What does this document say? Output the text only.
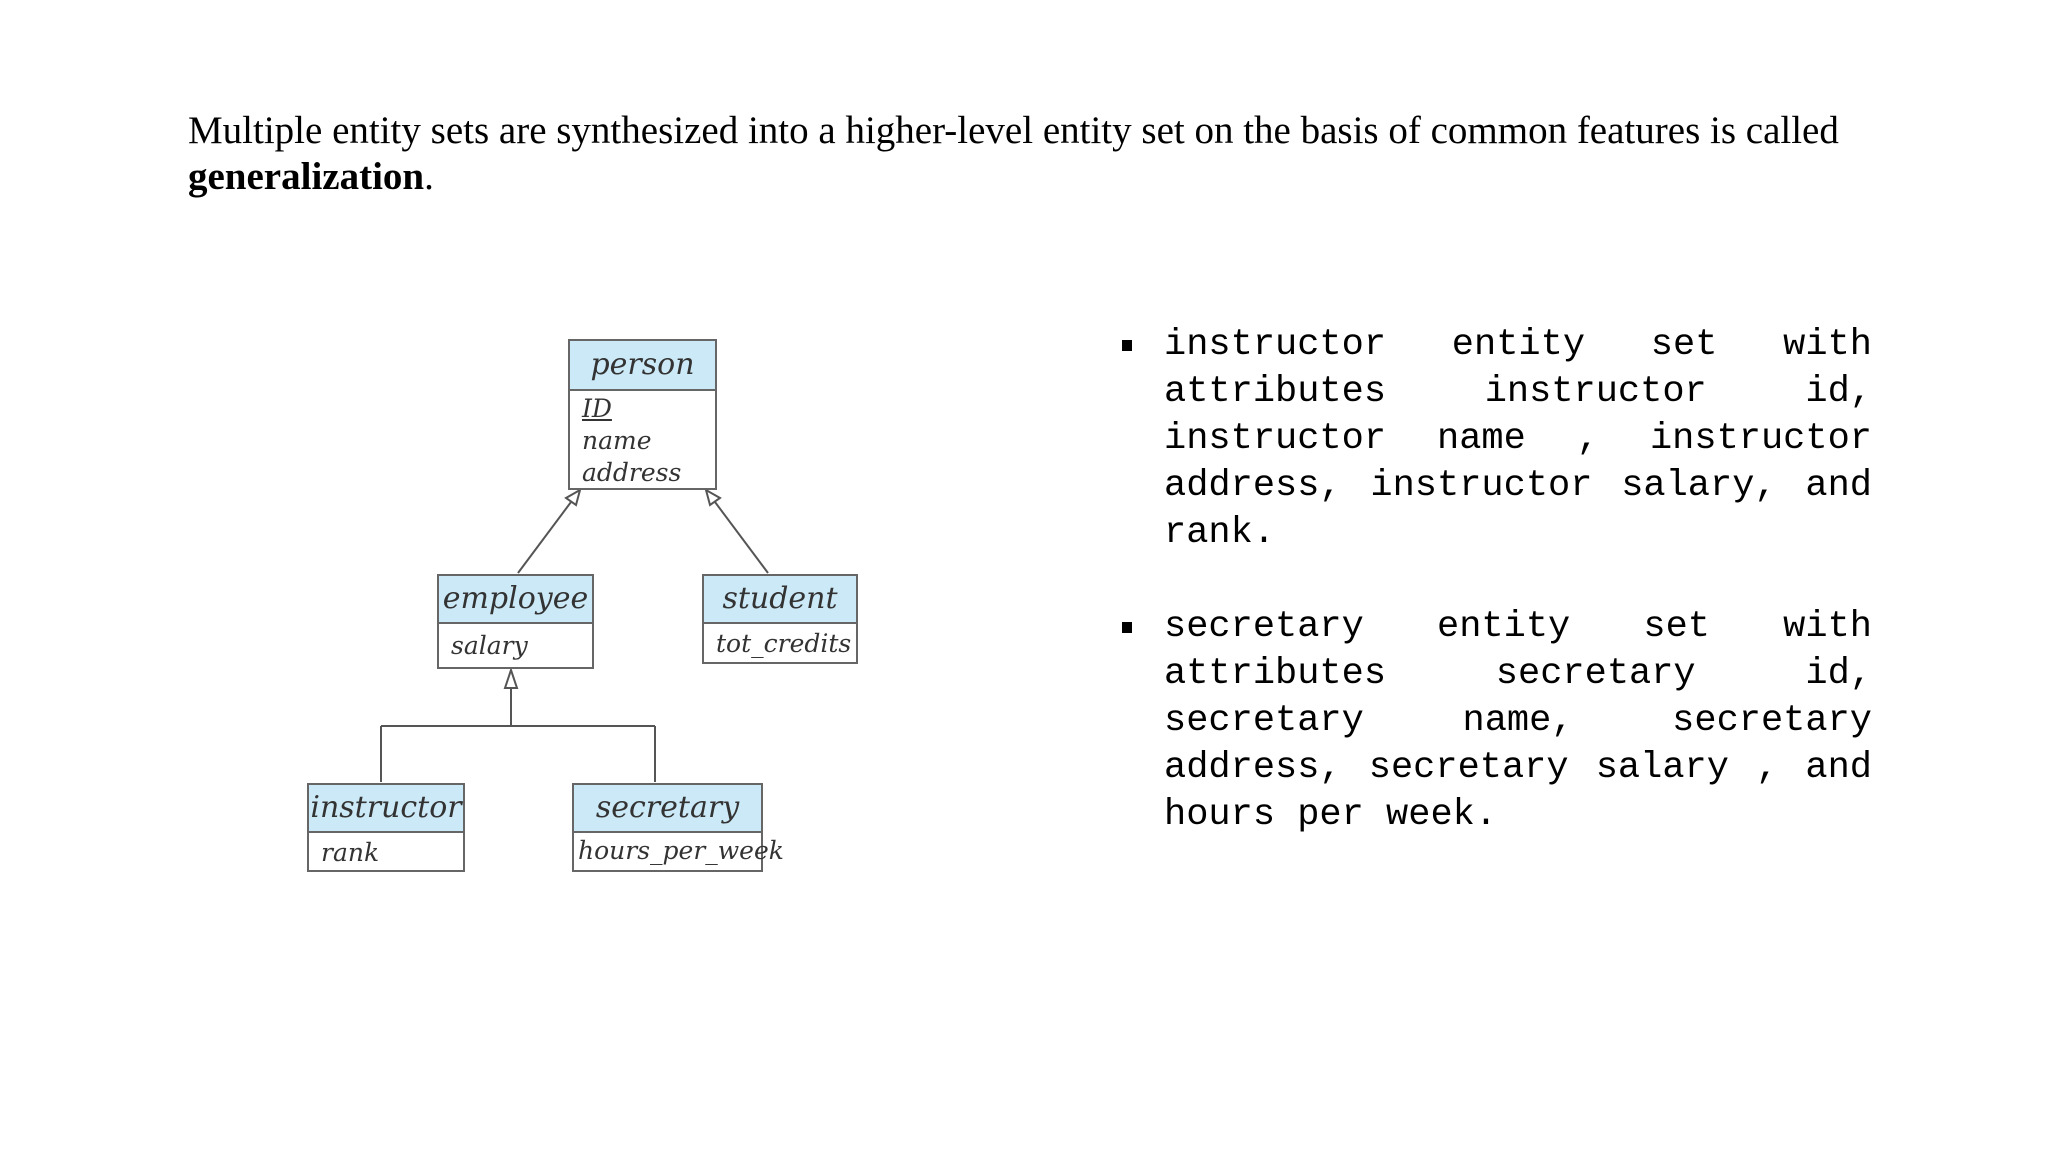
Multiple entity sets are synthesized into a higher-level entity set on the basis of common features is called generalization.
person
ID
name
address
employee
salary
student
tot_credits
instructor
rank
secretary
hours_per_week
instructor entity set with attributes instructor id, instructor name , instructor address, instructor salary, and rank.
secretary entity set with attributes secretary id, secretary name, secretary address, secretary salary , and hours per week.
